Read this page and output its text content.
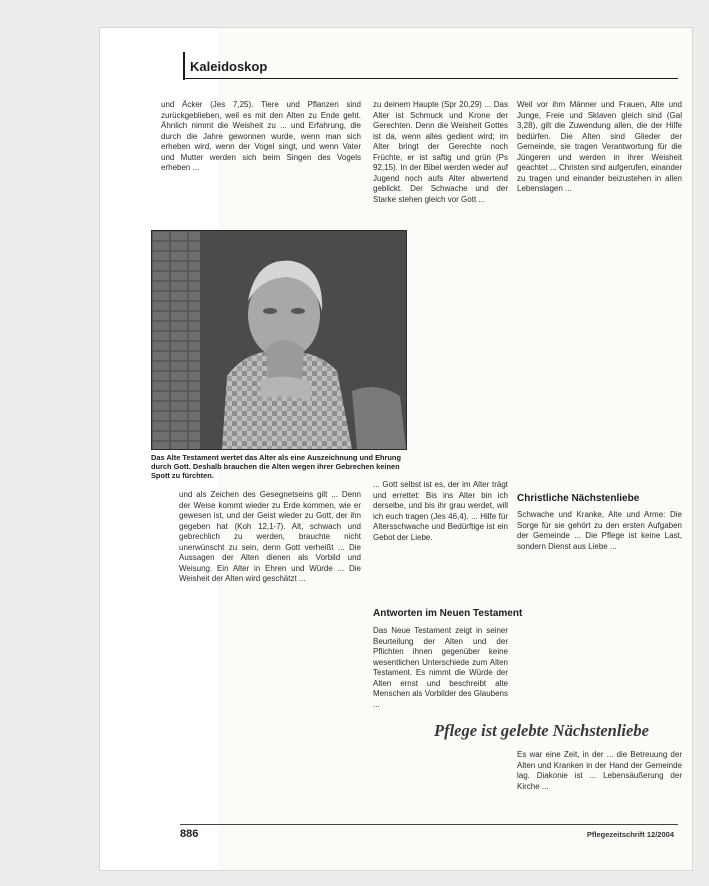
Kaleidoskop

und Äcker (Jes 7,25). Tiere und Pflanzen sind zurückgeblieben, weil es mit den Alten zu Ende geht. Ähnlich nimmt die Weisheit zu ... und Erfahrung, die durch die Jahre gewonnen wurde, wenn man sich erheben wird, wenn der Vogel singt, und wenn Vater und Mutter werden sich beim Singen des Vogels erheben ...

Das Alte Testament wertet das Alter als eine Auszeichnung und Ehrung durch Gott. Deshalb brauchen die Alten wegen ihrer Gebrechen keinen Spott zu fürchten.

und als Zeichen des Gesegnetseins gilt ... Denn der Weise kommt wieder zu Erde kommen, wie er gewesen ist, und der Geist wieder zu Gott, der ihn gegeben hat (Koh 12,1-7). Alt, schwach und gebrechlich zu werden, brauchte nicht unerwünscht zu sein, denn Gott verheißt ... Die Aussagen der Alten dienen als Vorbild und Weisung. Ein Alter in Ehren und Würde ... Die Weisheit der Alten wird geschätzt ...

zu deinem Haupte (Spr 20,29) ... Das Alter ist Schmuck und Krone der Gerechten. Denn die Weisheit Gottes ist da, wenn alles gedient wird; im Alter bringt der Gerechte noch Früchte, er ist saftig und grün (Ps 92,15). In der Bibel werden weder auf Jugend noch aufs Alter abwertend geblickt. Der Schwache und der Starke stehen gleich vor Gott ...

... Gott selbst ist es, der im Alter trägt und errettet: Bis ins Alter bin ich derselbe, und bis ihr grau werdet, will ich euch tragen (Jes 46,4). ... Hilfe für Altersschwache und Bedürftige ist ein Gebot der Liebe.

Antworten im Neuen Testament

Das Neue Testament zeigt in seiner Beurteilung der Alten und der Pflichten ihnen gegenüber keine wesentlichen Unterschiede zum Alten Testament. Es nimmt die Würde der Alten ernst und beschreibt alte Menschen als Vorbilder des Glaubens ...

Weil vor ihm Männer und Frauen, Alte und Junge, Freie und Sklaven gleich sind (Gal 3,28), gilt die Zuwendung allen, die der Hilfe bedürfen. Die Alten sind Glieder der Gemeinde, sie tragen Verantwortung für die Jüngeren und werden in ihrer Weisheit geachtet ... Christen sind aufgerufen, einander zu tragen und einander beizustehen in allen Lebenslagen ...

Christliche Nächstenliebe

Schwache und Kranke, Alte und Arme: Die Sorge für sie gehört zu den ersten Aufgaben der Gemeinde ... Die Pflege ist keine Last, sondern Dienst aus Liebe ...

Pflege ist gelebte Nächstenliebe

Es war eine Zeit, in der ... die Betreuung der Alten und Kranken in der Hand der Gemeinde lag. Diakonie ist ... Lebensäußerung der Kirche ...

886	Pflegezeitschrift 12/2004
